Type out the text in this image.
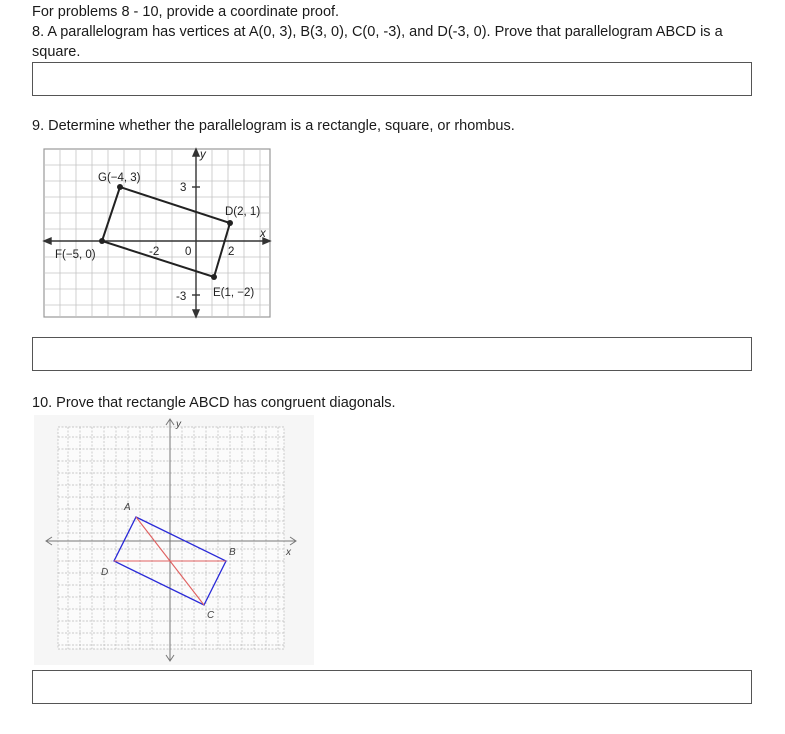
For problems 8 - 10, provide a coordinate proof.
8. A parallelogram has vertices at A(0, 3), B(3, 0), C(0, -3), and D(-3, 0). Prove that parallelogram ABCD is a
square.
9. Determine whether the parallelogram is a rectangle, square, or rhombus.
G(−4, 3)
D(2, 1)
F(−5, 0)
E(1, −2)
3
-3
-2 0	2
x
y
10. Prove that rectangle ABCD has congruent diagonals.
A
B
C
D
x
y
